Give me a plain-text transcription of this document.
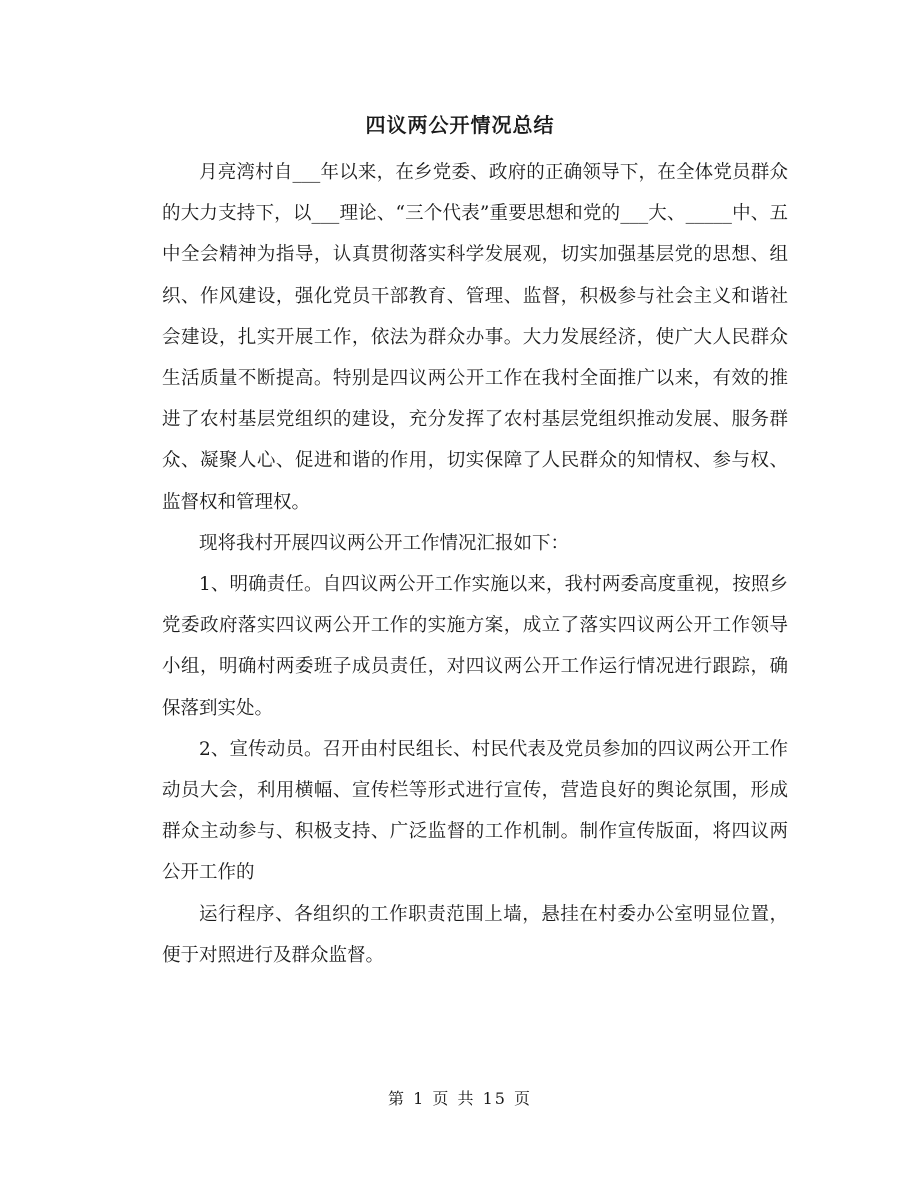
四议两公开情况总结

月亮湾村自___年以来，在乡党委、政府的正确领导下，在全体党员群众的大力支持下，以___理论、“三个代表”重要思想和党的___大、_____中、五中全会精神为指导，认真贯彻落实科学发展观，切实加强基层党的思想、组织、作风建设，强化党员干部教育、管理、监督，积极参与社会主义和谐社会建设，扎实开展工作，依法为群众办事。大力发展经济，使广大人民群众生活质量不断提高。特别是四议两公开工作在我村全面推广以来，有效的推进了农村基层党组织的建设，充分发挥了农村基层党组织推动发展、服务群众、凝聚人心、促进和谐的作用，切实保障了人民群众的知情权、参与权、监督权和管理权。

现将我村开展四议两公开工作情况汇报如下：

1、明确责任。自四议两公开工作实施以来，我村两委高度重视，按照乡党委政府落实四议两公开工作的实施方案，成立了落实四议两公开工作领导小组，明确村两委班子成员责任，对四议两公开工作运行情况进行跟踪，确保落到实处。

2、宣传动员。召开由村民组长、村民代表及党员参加的四议两公开工作动员大会，利用横幅、宣传栏等形式进行宣传，营造良好的舆论氛围，形成群众主动参与、积极支持、广泛监督的工作机制。制作宣传版面，将四议两公开工作的

运行程序、各组织的工作职责范围上墙，悬挂在村委办公室明显位置，便于对照进行及群众监督。

第 1 页 共 15 页
